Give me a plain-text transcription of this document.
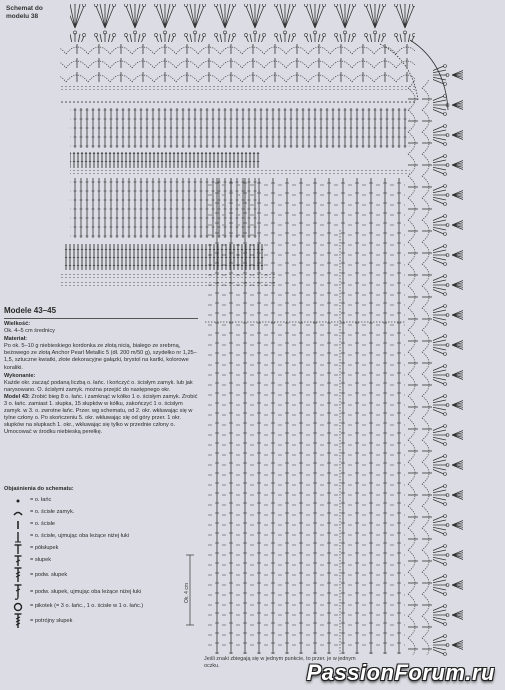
Schemat do modelu 38
Modele 43–45
Wielkość:

Ok. 4–5 cm średnicy

Materiał:

Po ok. 5–10 g niebieskiego kordonka ze złotą nicią, białego ze srebrną, beżowego ze złotą Anchor Pearl Metallic 5 (dł. 200 m/50 g), szydełko nr 1,25–1,5, sztuczne kwiatki, złote dekoracyjne gałązki, brystol na kartki, kolorowe koraliki.

Wykonanie:

Każde okr. zacząć podaną liczbą o. łańc. i kończyć o. ścisłym zamyk. lub jak narysowano. O. ścisłymi zamyk. można przejść do następnego okr.

Model 43: Zrobić bieg 8 o. łańc. i zamknąć w kółko 1 o. ścisłym zamyk. Zrobić 3 o. łańc. zamiast 1. słupka, 15 słupków w kółku, zakończyć 1 o. ścisłym zamyk. w 3. o. zwrotne łańc. Przer. wg schematu, od 2. okr. wkłuwając się w tylne człony o. Po skończeniu 5. okr. wkłuwając się od góry przer. 1 okr. słupków na słupkach 1. okr., wkłuwając się tylko w przednie człony o. Umocować w środku niebieską perełkę.

Objaśnienia do schematu:
= o. łańc
= o. ścisłe zamyk.
= o. ścisłe
= o. ścisłe, ujmując oba leżące niżej łuki
= półsłupek
= słupek
= podw. słupek
= podw. słupek, ujmując oba leżące niżej łuki
= pikotek (= 3 o. łańc., 1 o. ścisłe w 1 o. łańc.)
= potrójny słupek
Ok. 4 cm
Jeśli znaki zbiegają się w jednym punkcie, to przer. je w jednym oczku.	PassionForum.ru
